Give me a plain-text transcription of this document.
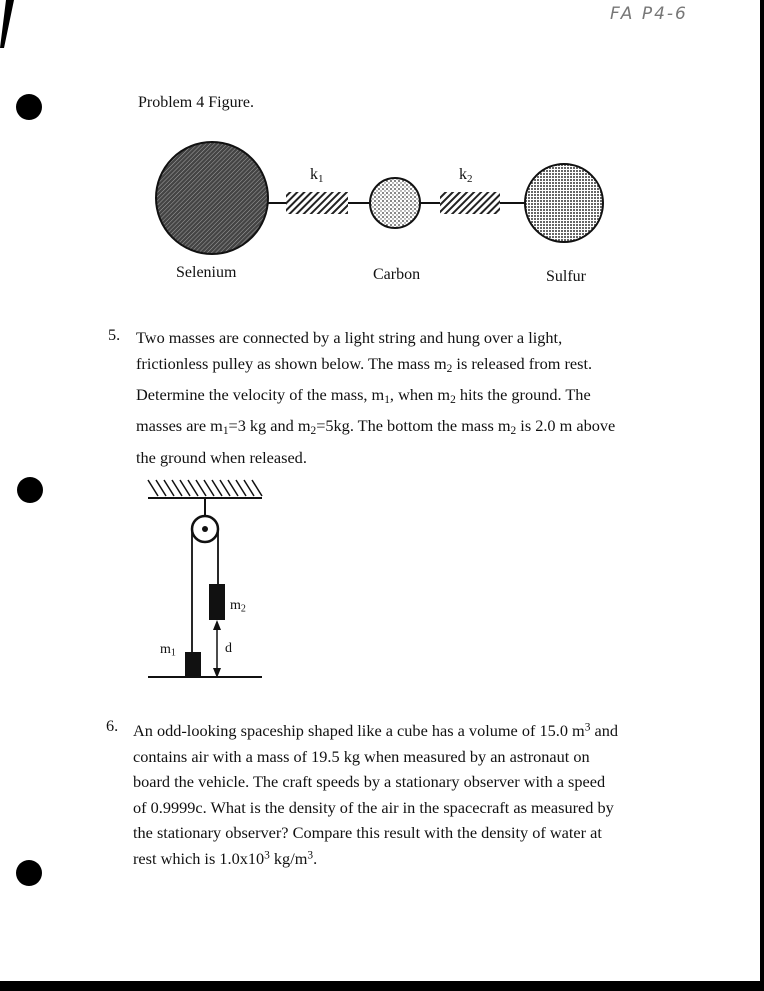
FA P4-6
Problem 4 Figure.
$k_1$	$k_2$
Selenium	Carbon	Sulfur
5. Two masses are connected by a light string and hung over a light,
frictionless pulley as shown below. The mass $m_2$ is released from rest.
Determine the velocity of the mass, $m_1$, when $m_2$ hits the ground. The
masses are $m_1=3$ kg and $m_2=5kg$. The bottom the mass $m_2$ is 2.0 m above
the ground when released.
$m_2$
$m_1$	d
6. An odd-looking spaceship shaped like a cube has a volume of 15.0 $m^3$ and
contains air with a mass of 19.5 kg when measured by an astronaut on
board the vehicle. The craft speeds by a stationary observer with a speed
of 0.9999c. What is the density of the air in the spacecraft as measured by
the stationary observer? Compare this result with the density of water at
rest which is $1.0x10^3$ $kg/m^3$.
